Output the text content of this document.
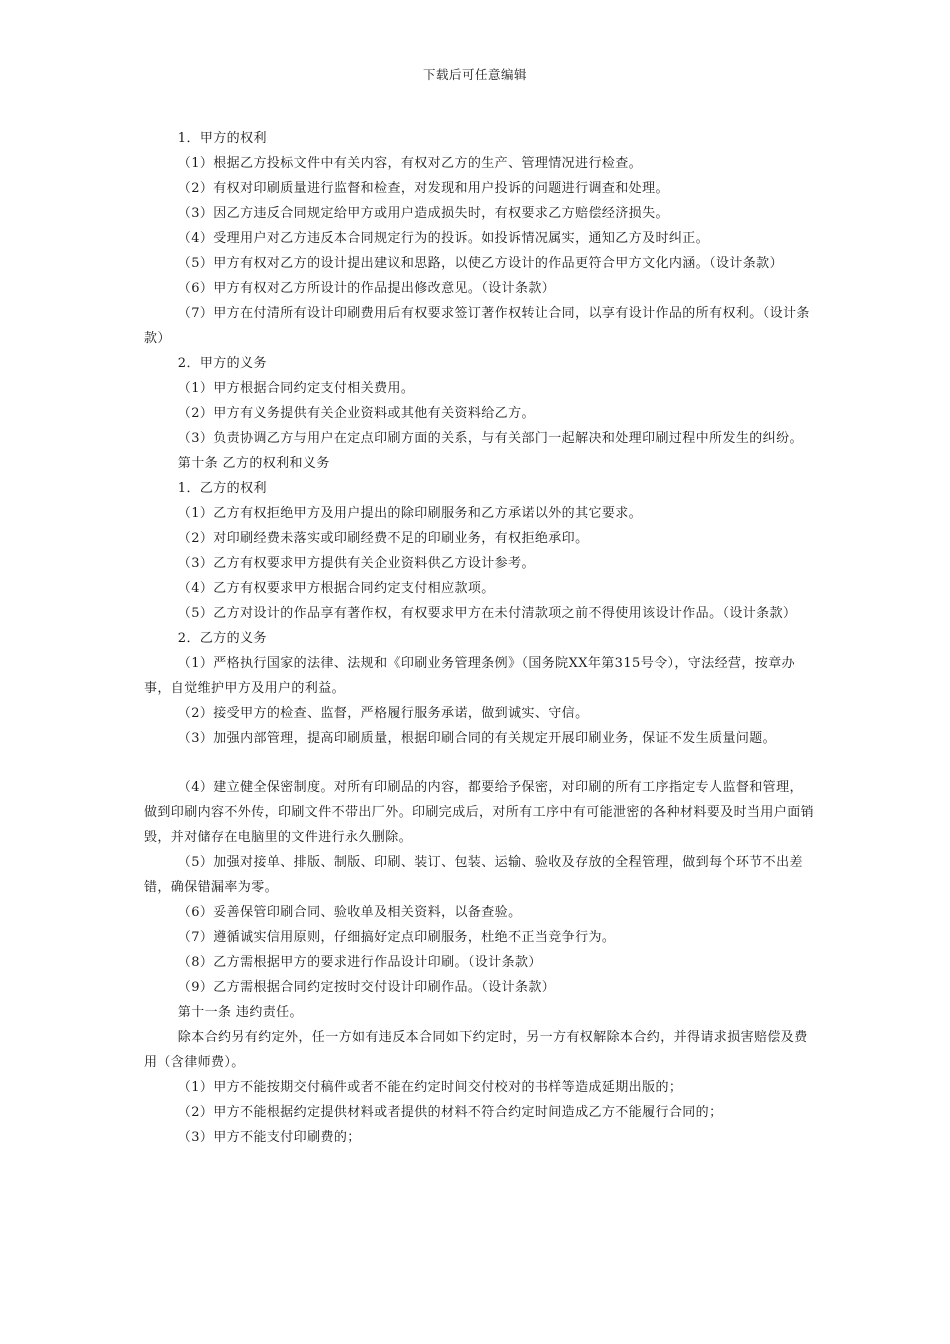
下载后可任意编辑

1．甲方的权利

（1）根据乙方投标文件中有关内容，有权对乙方的生产、管理情况进行检查。

（2）有权对印刷质量进行监督和检查，对发现和用户投诉的问题进行调查和处理。

（3）因乙方违反合同规定给甲方或用户造成损失时，有权要求乙方赔偿经济损失。

（4）受理用户对乙方违反本合同规定行为的投诉。如投诉情况属实，通知乙方及时纠正。

（5）甲方有权对乙方的设计提出建议和思路，以使乙方设计的作品更符合甲方文化内涵。（设计条款）

（6）甲方有权对乙方所设计的作品提出修改意见。（设计条款）

（7）甲方在付清所有设计印刷费用后有权要求签订著作权转让合同，以享有设计作品的所有权利。（设计条款）

2．甲方的义务

（1）甲方根据合同约定支付相关费用。

（2）甲方有义务提供有关企业资料或其他有关资料给乙方。

（3）负责协调乙方与用户在定点印刷方面的关系，与有关部门一起解决和处理印刷过程中所发生的纠纷。

第十条 乙方的权利和义务

1．乙方的权利

（1）乙方有权拒绝甲方及用户提出的除印刷服务和乙方承诺以外的其它要求。

（2）对印刷经费未落实或印刷经费不足的印刷业务，有权拒绝承印。

（3）乙方有权要求甲方提供有关企业资料供乙方设计参考。

（4）乙方有权要求甲方根据合同约定支付相应款项。

（5）乙方对设计的作品享有著作权，有权要求甲方在未付清款项之前不得使用该设计作品。（设计条款）

2．乙方的义务

（1）严格执行国家的法律、法规和《印刷业务管理条例》（国务院XX年第315号令），守法经营，按章办事，自觉维护甲方及用户的利益。

（2）接受甲方的检查、监督，严格履行服务承诺，做到诚实、守信。

（3）加强内部管理，提高印刷质量，根据印刷合同的有关规定开展印刷业务，保证不发生质量问题。

（4）建立健全保密制度。对所有印刷品的内容，都要给予保密，对印刷的所有工序指定专人监督和管理，做到印刷内容不外传，印刷文件不带出厂外。印刷完成后，对所有工序中有可能泄密的各种材料要及时当用户面销毁，并对储存在电脑里的文件进行永久删除。

（5）加强对接单、排版、制版、印刷、装订、包装、运输、验收及存放的全程管理，做到每个环节不出差错，确保错漏率为零。

（6）妥善保管印刷合同、验收单及相关资料，以备查验。

（7）遵循诚实信用原则，仔细搞好定点印刷服务，杜绝不正当竞争行为。

（8）乙方需根据甲方的要求进行作品设计印刷。（设计条款）

（9）乙方需根据合同约定按时交付设计印刷作品。（设计条款）

第十一条 违约责任。

除本合约另有约定外，任一方如有违反本合同如下约定时，另一方有权解除本合约，并得请求损害赔偿及费用（含律师费）。

（1）甲方不能按期交付稿件或者不能在约定时间交付校对的书样等造成延期出版的；

（2）甲方不能根据约定提供材料或者提供的材料不符合约定时间造成乙方不能履行合同的；

（3）甲方不能支付印刷费的；
